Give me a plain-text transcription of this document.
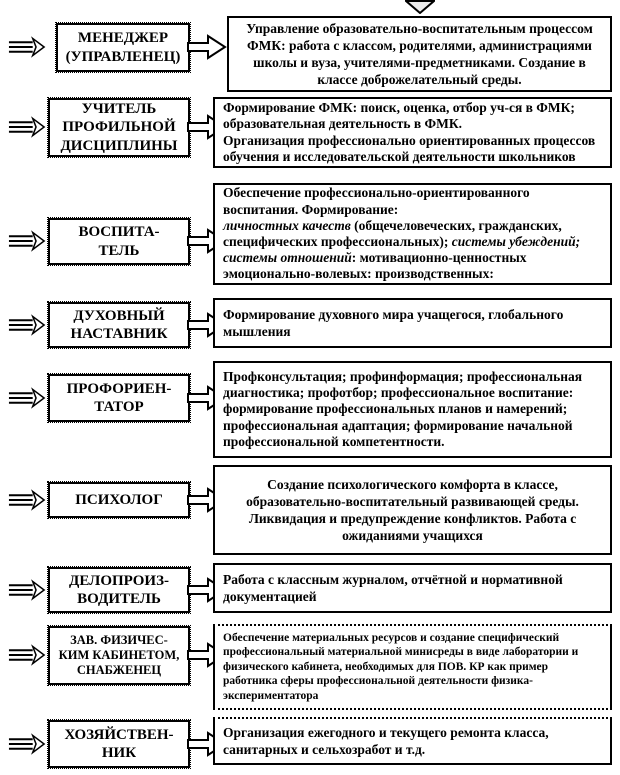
МЕНЕДЖЕР
(УПРАВЛЕНЕЦ)
Управление образовательно-воспитательным процессом ФМК: работа с классом, родителями, администрациями школы и вуза, учителями-предметниками. Создание в классе доброжелательный среды.
УЧИТЕЛЬ
ПРОФИЛЬНОЙ
ДИСЦИПЛИНЫ
Формирование ФМК: поиск, оценка, отбор уч-ся в ФМК; образовательная деятельность в ФМК.
Организация профессионально ориентированных процессов обучения и исследовательской деятельности школьников
ВОСПИТА-
ТЕЛЬ
Обеспечение профессионально-ориентированного воспитания. Формирование:
личностных качеств (общечеловеческих, гражданских, специфических профессиональных); системы убеждений;
системы отношений: мотивационно-ценностных эмоционально-волевых: производственных:
ДУХОВНЫЙ
НАСТАВНИК
Формирование духовного мира учащегося, глобального мышления
ПРОФОРИЕН-
ТАТОР
Профконсультация; профинформация; профессиональная диагностика; профотбор; профессиональное воспитание: формирование профессиональных планов и намерений; профессиональная адаптация; формирование начальной профессиональной компетентности.
ПСИХОЛОГ
Создание психологического комфорта в классе, образовательно-воспитательный развивающей среды. Ликвидация и предупреждение конфликтов. Работа с ожиданиями учащихся
ДЕЛОПРОИЗ-
ВОДИТЕЛЬ
Работа с классным журналом, отчётной и нормативной документацией
ЗАВ. ФИЗИЧЕС-
КИМ КАБИНЕТОМ,
СНАБЖЕНЕЦ
Обеспечение материальных ресурсов и создание специфический профессиональный материальной минисреды в виде лаборатории и физического кабинета, необходимых для ПОВ. КР как пример работника сферы профессиональной деятельности физика-экспериментатора
ХОЗЯЙСТВЕН-
НИК
Организация ежегодного и текущего ремонта класса, санитарных и сельхозработ и т.д.
